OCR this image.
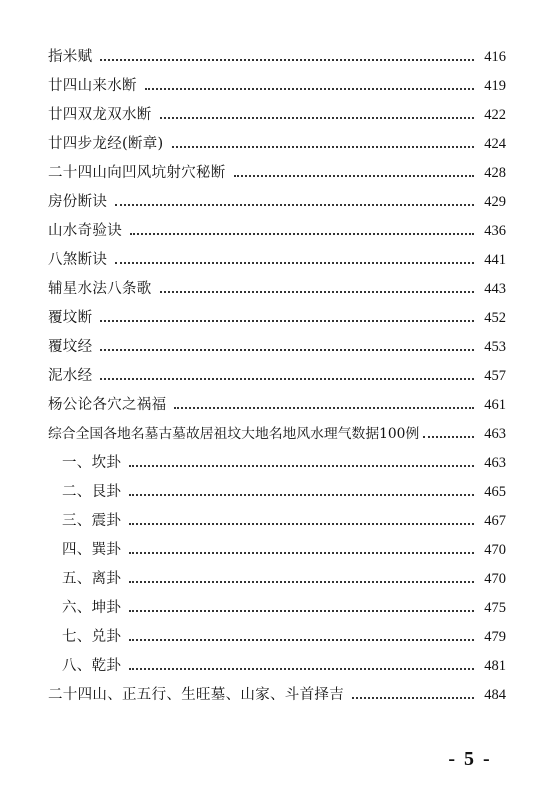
指米赋	416
廿四山来水断	419
廿四双龙双水断	422
廿四步龙经(断章)	424
二十四山向凹风坑射穴秘断	428
房份断诀	429
山水奇验诀	436
八煞断诀	441
辅星水法八条歌	443
覆坟断	452
覆坟经	453
泥水经	457
杨公论各穴之祸福	461
综合全国各地名墓古墓故居祖坟大地名地风水理气数据100例	463
一、坎卦	463
二、艮卦	465
三、震卦	467
四、巽卦	470
五、离卦	470
六、坤卦	475
七、兑卦	479
八、乾卦	481
二十四山、正五行、生旺墓、山家、斗首择吉	484
- 5 -
